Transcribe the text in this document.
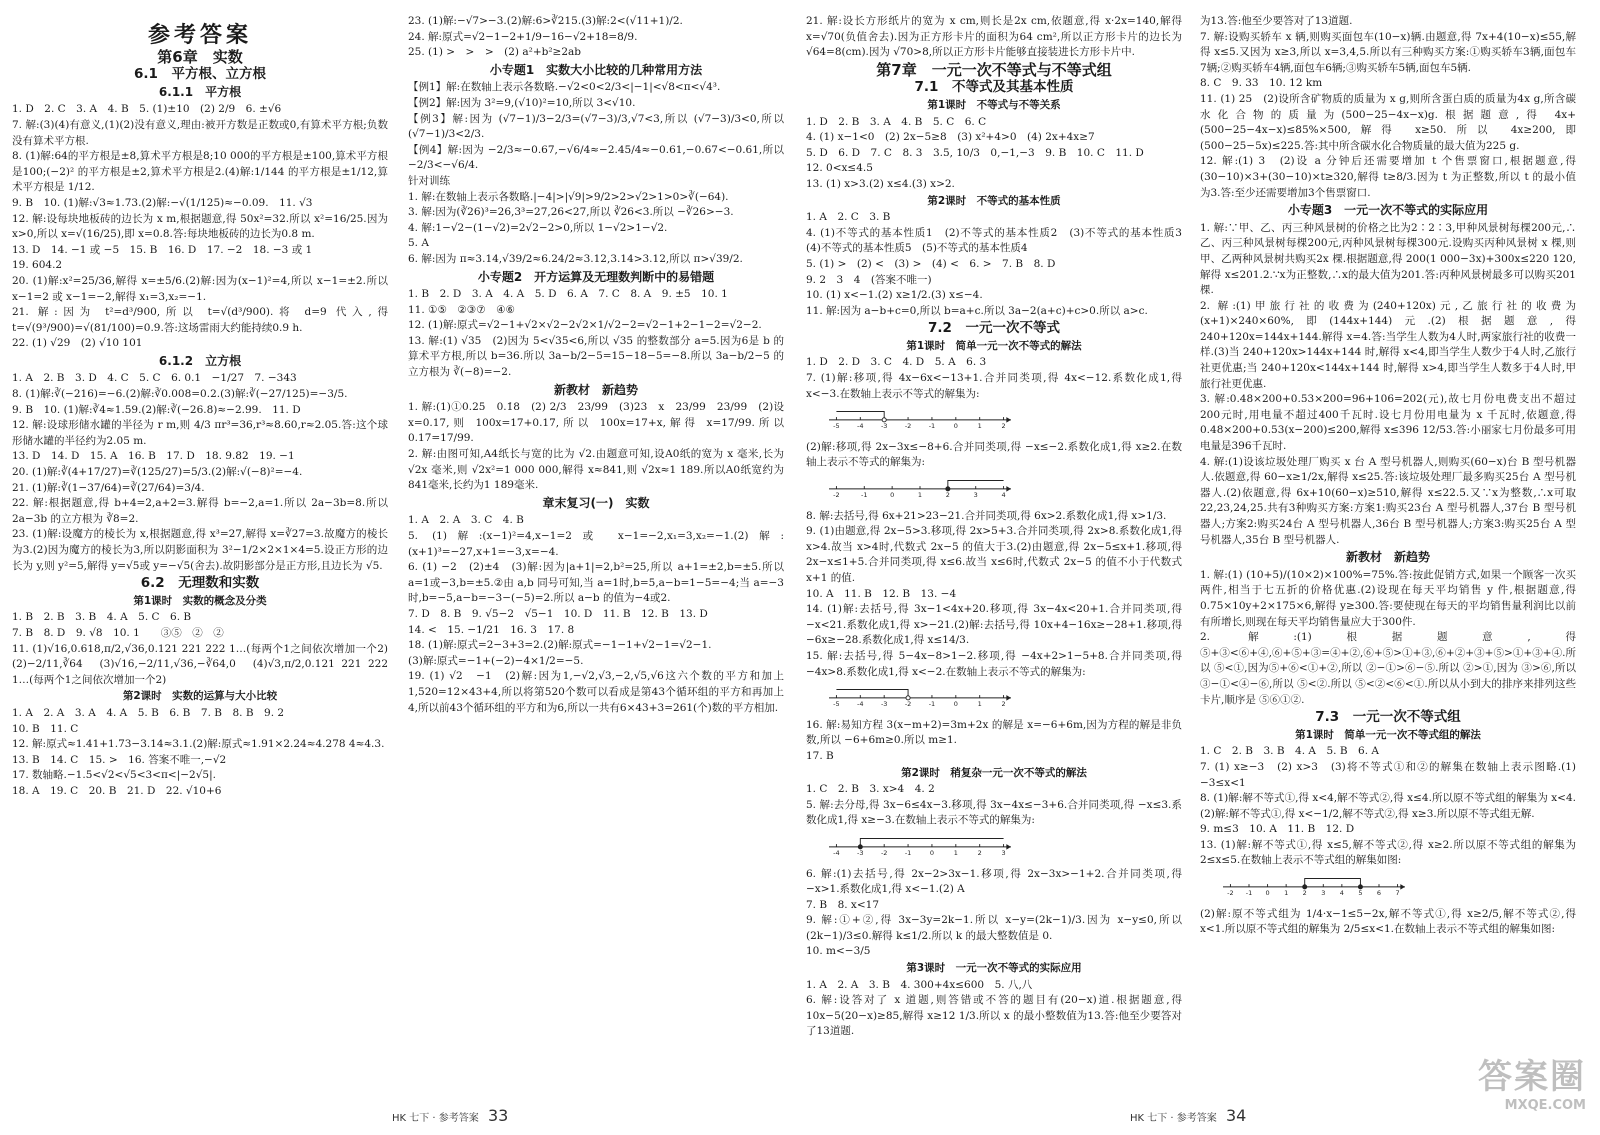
参考答案
第6章　实数
6.1　平方根、立方根
6.1.1　平方根
1. D　2. C　3. A　4. B　5. (1)±10　(2) 2/9　6. ±√6
7. 解:(3)(4)有意义,(1)(2)没有意义,理由:被开方数是正数或0,有算术平方根;负数没有算术平方根.
8. (1)解:64的平方根是±8,算术平方根是8;10 000的平方根是±100,算术平方根是100;(−2)² 的平方根是±2,算术平方根是2.(4)解:1/144 的平方根是±1/12,算术平方根是 1/12.
9. B　10. (1)解:√3≈1.73.(2)解:−√(1/125)≈−0.09.　11. √3
12. 解:设每块地板砖的边长为 x m,根据题意,得 50x²=32.所以 x²=16/25.因为 x>0,所以 x=√(16/25),即 x=0.8.答:每块地板砖的边长为0.8 m.
13. D　14. −1 或 −5　15. B　16. D　17. −2　18. −3 或 1
19. 604.2
20. (1)解:x²=25/36,解得 x=±5/6.(2)解:因为(x−1)²=4,所以 x−1=±2.所以 x−1=2 或 x−1=−2,解得 x₁=3,x₂=−1.
21. 解:因为 t²=d³/900,所以 t=√(d³/900).将 d=9 代入,得 t=√(9³/900)=√(81/100)=0.9.答:这场雷雨大约能持续0.9 h.
22. (1) √29　(2) √10 101
6.1.2　立方根
1. A　2. B　3. D　4. C　5. C　6. 0.1　−1/27　7. −343
8. (1)解:∛(−216)=−6.(2)解:∛0.008=0.2.(3)解:∛(−27/125)=−3/5.
9. B　10. (1)解:∛4≈1.59.(2)解:∛(−26.8)≈−2.99.　11. D
12. 解:设球形储水罐的半径为 r m,则 4/3 πr³=36,r³≈8.60,r≈2.05.答:这个球形储水罐的半径约为2.05 m.
13. D　14. D　15. A　16. B　17. D　18. 9.82　19. −1
20. (1)解:∛(4+17/27)=∛(125/27)=5/3.(2)解:√(−8)²=−4.
21. (1)解:∛(1−37/64)=∛(27/64)=3/4.
22. 解:根据题意,得 b+4=2,a+2=3.解得 b=−2,a=1.所以 2a−3b=8.所以 2a−3b 的立方根为 ∛8=2.
23. (1)解:设魔方的棱长为 x,根据题意,得 x³=27,解得 x=∛27=3.故魔方的棱长为3.(2)因为魔方的棱长为3,所以阴影面积为 3²−1/2×2×1×4=5.设正方形的边长为 y,则 y²=5,解得 y=√5或 y=−√5(舍去).故阴影部分是正方形,且边长为 √5.
6.2　无理数和实数
第1课时　实数的概念及分类
1. B　2. B　3. B　4. A　5. C　6. B
7. B　8. D　9. √8　10. 1　　③⑤　②　②
11. (1)√16,0.618,π/2,√36,0.121 221 222 1…(每两个1之间依次增加一个2)　(2)−2/11,∛64　(3)√16,−2/11,√36,−∛64,0　(4)√3,π/2,0.121 221 222 1…(每两个1之间依次增加一个2)
第2课时　实数的运算与大小比较
1. A　2. A　3. A　4. A　5. B　6. B　7. B　8. B　9. 2
10. B　11. C
12. 解:原式≈1.41+1.73−3.14≈3.1.(2)解:原式≈1.91×2.24≈4.278 4≈4.3.
13. B　14. C　15. >　16. 答案不唯一,−√2
17. 数轴略.−1.5<√2<√5<3<π<|−2√5|.
18. A　19. C　20. B　21. D　22. √10+6
23. (1)解:−√7>−3.(2)解:6>∛215.(3)解:2<(√11+1)/2.
24. 解:原式=√2−1−2+1/9−16−√2+18=8/9.
25. (1) >　>　>　(2) a²+b²≥2ab
小专题1　实数大小比较的几种常用方法
【例1】解:在数轴上表示各数略.−√2<0<2/3<|−1|<√8<π<√4³.
【例2】解:因为 3²=9,(√10)²=10,所以 3<√10.
【例3】解:因为 (√7−1)/3−2/3=(√7−3)/3,√7<3,所以 (√7−3)/3<0,所以 (√7−1)/3<2/3.
【例4】解:因为 −2/3≈−0.67,−√6/4≈−2.45/4≈−0.61,−0.67<−0.61,所以 −2/3<−√6/4.
针对训练
1. 解:在数轴上表示各数略.|−4|>|√9|>9/2>2>√2>1>0>∛(−64).
3. 解:因为(∛26)³=26,3³=27,26<27,所以 ∛26<3.所以 −∛26>−3.
4. 解:1−√2−(1−√2)=2√2−2>0,所以 1−√2>1−√2.
5. A
6. 解:因为 π≈3.14,√39/2≈6.24/2≈3.12,3.14>3.12,所以 π>√39/2.
小专题2　开方运算及无理数判断中的易错题
1. B　2. D　3. A　4. A　5. D　6. A　7. C　8. A　9. ±5　10. 1
11. ①⑤　②③⑦　④⑥
12. (1)解:原式=√2−1+√2×√2−2√2×1/√2−2=√2−1+2−1−2=√2−2.
13. 解:(1) √35　(2)因为 5<√35<6,所以 √35 的整数部分 a=5.因为6是 b 的算术平方根,所以 b=36.所以 3a−b/2−5=15−18−5=−8.所以 3a−b/2−5 的立方根为 ∛(−8)=−2.
新教材　新趋势
1. 解:(1)①0.25　0.1̇8　(2) 2/3　23/99　(3)23　x　23/99　23/99　(2)设 x=0.17̇,则 100x=17+0.17̇,所以 100x=17+x,解得 x=17/99.所以 0.17̇=17/99.
2. 解:由图可知,A4纸长与宽的比为 √2.由题意可知,设A0纸的宽为 x 毫米,长为 √2x 毫米,则 √2x²=1 000 000,解得 x≈841,则 √2x≈1 189.所以A0纸宽约为841毫米,长约为1 189毫米.
章末复习(一)　实数
1. A　2. A　3. C　4. B
5. (1)解:(x−1)²=4,x−1=2或 x−1=−2,x₁=3,x₂=−1.(2)解:(x+1)³=−27,x+1=−3,x=−4.
6. (1) −2　(2)±4　(3)解:因为|a+1|=2,b²=25,所以 a+1=±2,b=±5.所以 a=1或−3,b=±5.②由 a,b 同号可知,当 a=1时,b=5,a−b=1−5=−4;当 a=−3时,b=−5,a−b=−3−(−5)=2.所以 a−b 的值为−4或2.
7. D　8. B　9. √5−2　√5−1　10. D　11. B　12. B　13. D
14. <　15. −1/21　16. 3　17. 8
18. (1)解:原式=2−3+3=2.(2)解:原式=−1−1+√2−1=√2−1.
(3)解:原式=−1+(−2)−4×1/2=−5.
19. (1) √2　−1　(2)解:因为1,−√2,√3,−2,√5,√6这六个数的平方和加上1,520=12×43+4,所以将第520个数可以看成是第43个循环组的平方和再加上4,所以前43个循环组的平方和为6,所以一共有6×43+3=261(个)数的平方相加.
HK 七下 · 参考答案 33
21. 解:设长方形纸片的宽为 x cm,则长是2x cm,依题意,得 x·2x=140,解得 x=√70(负值舍去).因为正方形卡片的面积为64 cm²,所以正方形卡片的边长为 √64=8(cm).因为 √70>8,所以正方形卡片能够直接装进长方形卡片中.
第7章　一元一次不等式与不等式组
7.1　不等式及其基本性质
第1课时　不等式与不等关系
1. D　2. B　3. A　4. B　5. C　6. C
4. (1) x−1<0　(2) 2x−5≥8　(3) x²+4>0　(4) 2x+4x≥7
5. D　6. D　7. C　8. 3　3.5, 10/3　0,−1,−3　9. B　10. C　11. D
12. 0<x≤4.5
13. (1) x>3.(2) x≤4.(3) x>2.
第2课时　不等式的基本性质
1. A　2. C　3. B
4. (1)不等式的基本性质1　(2)不等式的基本性质2　(3)不等式的基本性质3　(4)不等式的基本性质5　(5)不等式的基本性质4
5. (1) >　(2) <　(3) >　(4) <　6. >　7. B　8. D
9. 2　3　4　(答案不唯一)
10. (1) x<−1.(2) x≥1/2.(3) x≤−4.
11. 解:因为 a−b+c=0,所以 b=a+c.所以 3a−2(a+c)+c>0.所以 a>c.
7.2　一元一次不等式
第1课时　简单一元一次不等式的解法
1. D　2. D　3. C　4. D　5. A　6. 3
7. (1)解:移项,得 4x−6x<−13+1.合并同类项,得 4x<−12.系数化成1,得 x<−3.在数轴上表示不等式的解集为:
-5 -4 -3 -2 -1	0	1	2
(2)解:移项,得 2x−3x≤−8+6.合并同类项,得 −x≤−2.系数化成1,得 x≥2.在数轴上表示不等式的解集为:
-2	-1	0	1	2	3	4
8. 解:去括号,得 6x+21>23−21.合并同类项,得 6x>2.系数化成1,得 x>1/3.
9. (1)由题意,得 2x−5>3.移项,得 2x>5+3.合并同类项,得 2x>8.系数化成1,得 x>4.故当 x>4时,代数式 2x−5 的值大于3.(2)由题意,得 2x−5≤x+1.移项,得 2x−x≤1+5.合并同类项,得 x≤6.故当 x≤6时,代数式 2x−5 的值不小于代数式 x+1 的值.
10. A　11. B　12. B　13. −4
14. (1)解:去括号,得 3x−1<4x+20.移项,得 3x−4x<20+1.合并同类项,得 −x<21.系数化成1,得 x>−21.(2)解:去括号,得 10x+4−16x≥−28+1.移项,得 −6x≥−28.系数化成1,得 x≤14/3.
15. 解:去括号,得 5−4x−8>1−2.移项,得 −4x+2>1−5+8.合并同类项,得 −4x>8.系数化成1,得 x<−2.在数轴上表示不等式的解集为:
-5 -4 -3 -2 -1	0	1	2
16. 解:易知方程 3(x−m+2)=3m+2x 的解是 x=−6+6m,因为方程的解是非负数,所以 −6+6m≥0.所以 m≥1.
17. B
第2课时　稍复杂一元一次不等式的解法
1. C　2. B　3. x>4　4. 2
5. 解:去分母,得 3x−6≤4x−3.移项,得 3x−4x≤−3+6.合并同类项,得 −x≤3.系数化成1,得 x≥−3.在数轴上表示不等式的解集为:
-4 -3 -2 -1	0	1	2	3
6. 解:(1)去括号,得 2x−2>3x−1.移项,得 2x−3x>−1+2.合并同类项,得 −x>1.系数化成1,得 x<−1.(2) A
7. B　8. x<17
9. 解:①+②,得 3x−3y=2k−1.所以 x−y=(2k−1)/3.因为 x−y≤0,所以 (2k−1)/3≤0.解得 k≤1/2.所以 k 的最大整数值是 0.
10. m<−3/5
第3课时　一元一次不等式的实际应用
1. A　2. A　3. B　4. 300+4x≤600　5. 八,八
6. 解:设答对了 x 道题,则答错或不答的题目有(20−x)道.根据题意,得 10x−5(20−x)≥85,解得 x≥12 1/3.所以 x 的最小整数值为13.答:他至少要答对了13道题.
为13.答:他至少要答对了13道题.
7. 解:设购买轿车 x 辆,则购买面包车(10−x)辆.由题意,得 7x+4(10−x)≤55,解得 x≤5.又因为 x≥3,所以 x=3,4,5.所以有三种购买方案:①购买轿车3辆,面包车7辆;②购买轿车4辆,面包车6辆;③购买轿车5辆,面包车5辆.
8. C　9. 33　10. 12 km
11. (1) 25　(2)设所含矿物质的质量为 x g,则所含蛋白质的质量为4x g,所含碳水化合物的质量为(500−25−4x−x)g.根据题意,得 4x+(500−25−4x−x)≤85%×500,解得 x≥50.所以 4x≥200,即 (500−25−5x)≤225.答:其中所含碳水化合物质量的最大值为225 g.
12. 解:(1) 3　(2)设 a 分钟后还需要增加 t 个售票窗口,根据题意,得 (30−10)×3+(30−10)×t≥320,解得 t≥8/3.因为 t 为正整数,所以 t 的最小值为3.答:至少还需要增加3个售票窗口.
小专题3　一元一次不等式的实际应用
1. 解:∵甲、乙、丙三种风景树的价格之比为2∶2∶3,甲种风景树每棵200元,∴乙、丙三种风景树每棵200元,丙种风景树每棵300元.设购买丙种风景树 x 棵,则甲、乙两种风景树共购买2x 棵.根据题意,得 200(1 000−3x)+300x≤220 120,解得 x≤201.2.∵x为正整数,∴x的最大值为201.答:丙种风景树最多可以购买201棵.
2. 解:(1)甲旅行社的收费为(240+120x)元,乙旅行社的收费为(x+1)×240×60%,即(144x+144)元.(2)根据题意,得 240+120x=144x+144.解得 x=4.答:当学生人数为4人时,两家旅行社的收费一样.(3)当 240+120x>144x+144 时,解得 x<4,即当学生人数少于4人时,乙旅行社更优惠;当 240+120x<144x+144 时,解得 x>4,即当学生人数多于4人时,甲旅行社更优惠.
3. 解:0.48×200+0.53×200=96+106=202(元),故七月份电费支出不超过200元时,用电量不超过400千瓦时.设七月份用电量为 x 千瓦时,依题意,得 0.48×200+0.53(x−200)≤200,解得 x≤396 12/53.答:小丽家七月份最多可用电量是396千瓦时.
4. 解:(1)设该垃圾处理厂购买 x 台 A 型号机器人,则购买(60−x)台 B 型号机器人.依题意,得 60−x≥1/2x,解得 x≤25.答:该垃圾处理厂最多购买25台 A 型号机器人.(2)依题意,得 6x+10(60−x)≥510,解得 x≤22.5.又∵x为整数,∴x可取22,23,24,25.共有3种购买方案:方案1:购买23台 A 型号机器人,37台 B 型号机器人;方案2:购买24台 A 型号机器人,36台 B 型号机器人;方案3:购买25台 A 型号机器人,35台 B 型号机器人.
新教材　新趋势
1. 解:(1) (10+5)/(10×2)×100%=75%.答:按此促销方式,如果一个顾客一次买两件,相当于七五折的价格优惠.(2)设现在每天平均销售 y 件,根据题意,得 0.75×10y+2×175×6,解得 y≥300.答:要使现在每天的平均销售量利润比以前有所增长,则现在每天平均销售量应大于300件.
2. 解:(1)根据题意,得 ⑤+③<⑥+④,⑥+⑤+③=④+②,⑥+⑤>①+③,⑥+②+③+⑤>①+③+④.所以 ⑤<①,因为⑤+⑥<①+②,所以 ②−①>⑥−⑤.所以 ②>①,因为 ③>⑥,所以 ③−①<④−⑥,所以 ⑤<②.所以 ⑤<②<⑥<①.所以从小到大的排序来排列这些卡片,顺序是 ⑤⑥①②.
7.3　一元一次不等式组
第1课时　简单一元一次不等式组的解法
1. C　2. B　3. B　4. A　5. B　6. A
7. (1) x≥−3　(2) x>3　(3)将不等式①和②的解集在数轴上表示图略.(1) −3≤x<1
8. (1)解:解不等式①,得 x<4,解不等式②,得 x≤4.所以原不等式组的解集为 x<4.(2)解:解不等式①,得 x<−1/2,解不等式②,得 x≥3.所以原不等式组无解.
9. m≤3　10. A　11. B　12. D
13. (1)解:解不等式①,得 x≤5,解不等式②,得 x≥2.所以原不等式组的解集为 2≤x≤5.在数轴上表示不等式组的解集如图:
-2 -1 0 1 2 3 4 5 6 7
(2)解:原不等式组为 1/4·x−1≤5−2x,解不等式①,得 x≥2/5,解不等式②,得 x<1.所以原不等式组的解集为 2/5≤x<1.在数轴上表示不等式组的解集如图:
HK 七下 · 参考答案 34
答案圈
MXQE.COM
